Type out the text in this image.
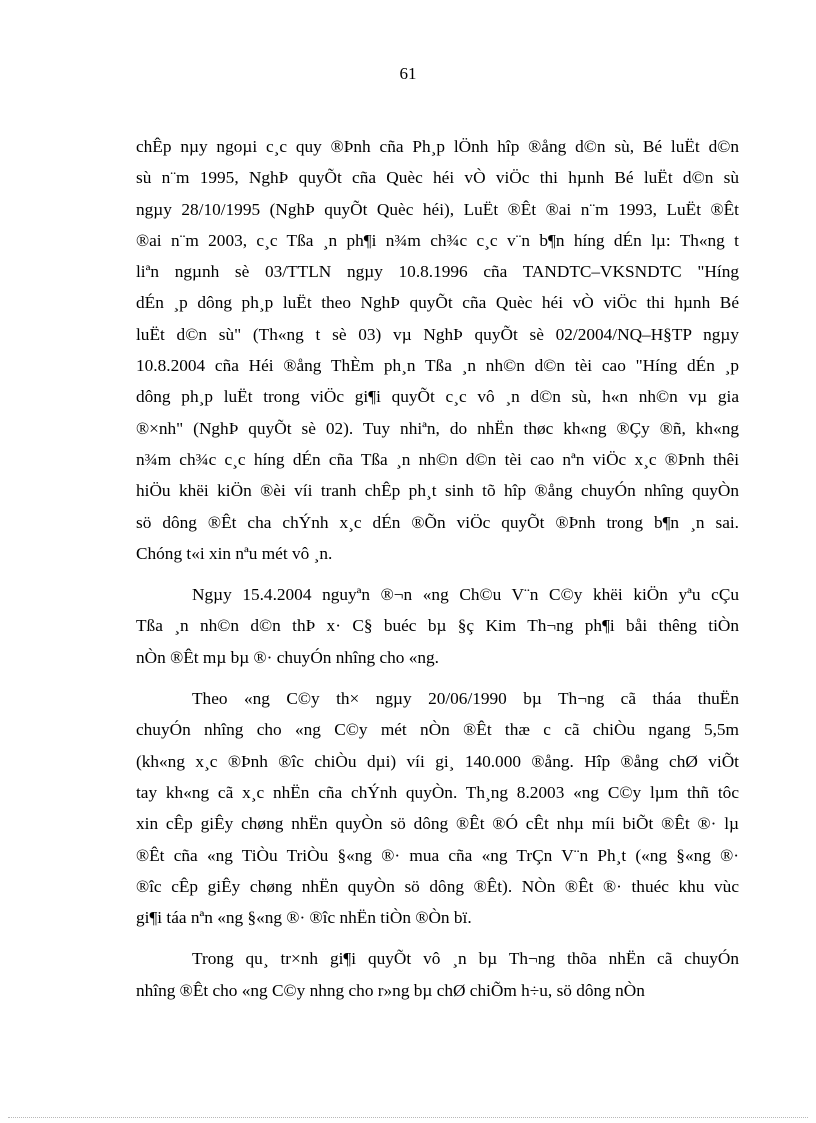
61
chÊp nµy ngoµi c¸c quy ®Þnh cña Ph¸p lÖnh hîp ®ång d©n sù, Bé luËt d©n
sù n¨m 1995, NghÞ quyÕt cña Quèc héi vÒ viÖc thi hµnh Bé luËt d©n sù
ngµy 28/10/1995 (NghÞ quyÕt Quèc héi), LuËt ®Êt ®ai n¨m 1993, LuËt ®Êt
®ai n¨m 2003, c¸c Tßa ¸n ph¶i n¾m ch¾c c¸c v¨n b¶n híng dÉn lµ: Th«ng t
liªn ngµnh sè 03/TTLN ngµy 10.8.1996 cña TANDTC–VKSNDTC "Híng
dÉn ¸p dông ph¸p luËt theo NghÞ quyÕt cña Quèc héi vÒ viÖc thi hµnh Bé
luËt d©n sù" (Th«ng t sè 03) vµ NghÞ quyÕt sè 02/2004/NQ–H§TP ngµy
10.8.2004 cña Héi ®ång ThÈm ph¸n Tßa ¸n nh©n d©n tèi cao "Híng dÉn ¸p
dông ph¸p luËt trong viÖc gi¶i quyÕt c¸c vô ¸n d©n sù, h«n nh©n vµ gia
®×nh" (NghÞ quyÕt sè 02). Tuy nhiªn, do nhËn thøc kh«ng ®Çy ®ñ, kh«ng
n¾m ch¾c c¸c híng dÉn cña Tßa ¸n nh©n d©n tèi cao nªn viÖc x¸c ®Þnh thêi
hiÖu khëi kiÖn ®èi víi tranh chÊp ph¸t sinh tõ hîp ®ång chuyÓn nhîng quyÒn
sö dông ®Êt cha chÝnh x¸c dÉn ®Õn viÖc quyÕt ®Þnh trong b¶n ¸n sai.
Chóng t«i xin nªu mét vô ¸n.
Ngµy 15.4.2004 nguyªn ®¬n «ng Ch©u V¨n C©y khëi kiÖn yªu cÇu
Tßa ¸n nh©n d©n thÞ x· C§ buéc bµ §ç Kim Th¬ng ph¶i båi thêng tiÒn
nÒn ®Êt mµ bµ ®· chuyÓn nhîng cho «ng.
Theo «ng C©y th× ngµy 20/06/1990 bµ Th¬ng cã tháa thuËn
chuyÓn nhîng cho «ng C©y mét nÒn ®Êt thæ c cã chiÒu ngang 5,5m
(kh«ng x¸c ®Þnh ®îc chiÒu dµi) víi gi¸ 140.000 ®ång. Hîp ®ång chØ viÕt
tay kh«ng cã x¸c nhËn cña chÝnh quyÒn. Th¸ng 8.2003 «ng C©y lµm thñ tôc
xin cÊp giÊy chøng nhËn quyÒn sö dông ®Êt ®Ó cÊt nhµ míi biÕt ®Êt ®· lµ
®Êt cña «ng TiÒu TriÒu §«ng ®· mua cña «ng TrÇn V¨n Ph¸t («ng §«ng ®·
®îc cÊp giÊy chøng nhËn quyÒn sö dông ®Êt). NÒn ®Êt ®· thuéc khu vùc
gi¶i táa nªn «ng §«ng ®· ®îc nhËn tiÒn ®Òn bï.
Trong qu¸ tr×nh gi¶i quyÕt vô ¸n bµ Th¬ng thõa nhËn cã chuyÓn
nhîng ®Êt cho «ng C©y nhng cho r»ng bµ chØ chiÕm h÷u, sö dông nÒn
